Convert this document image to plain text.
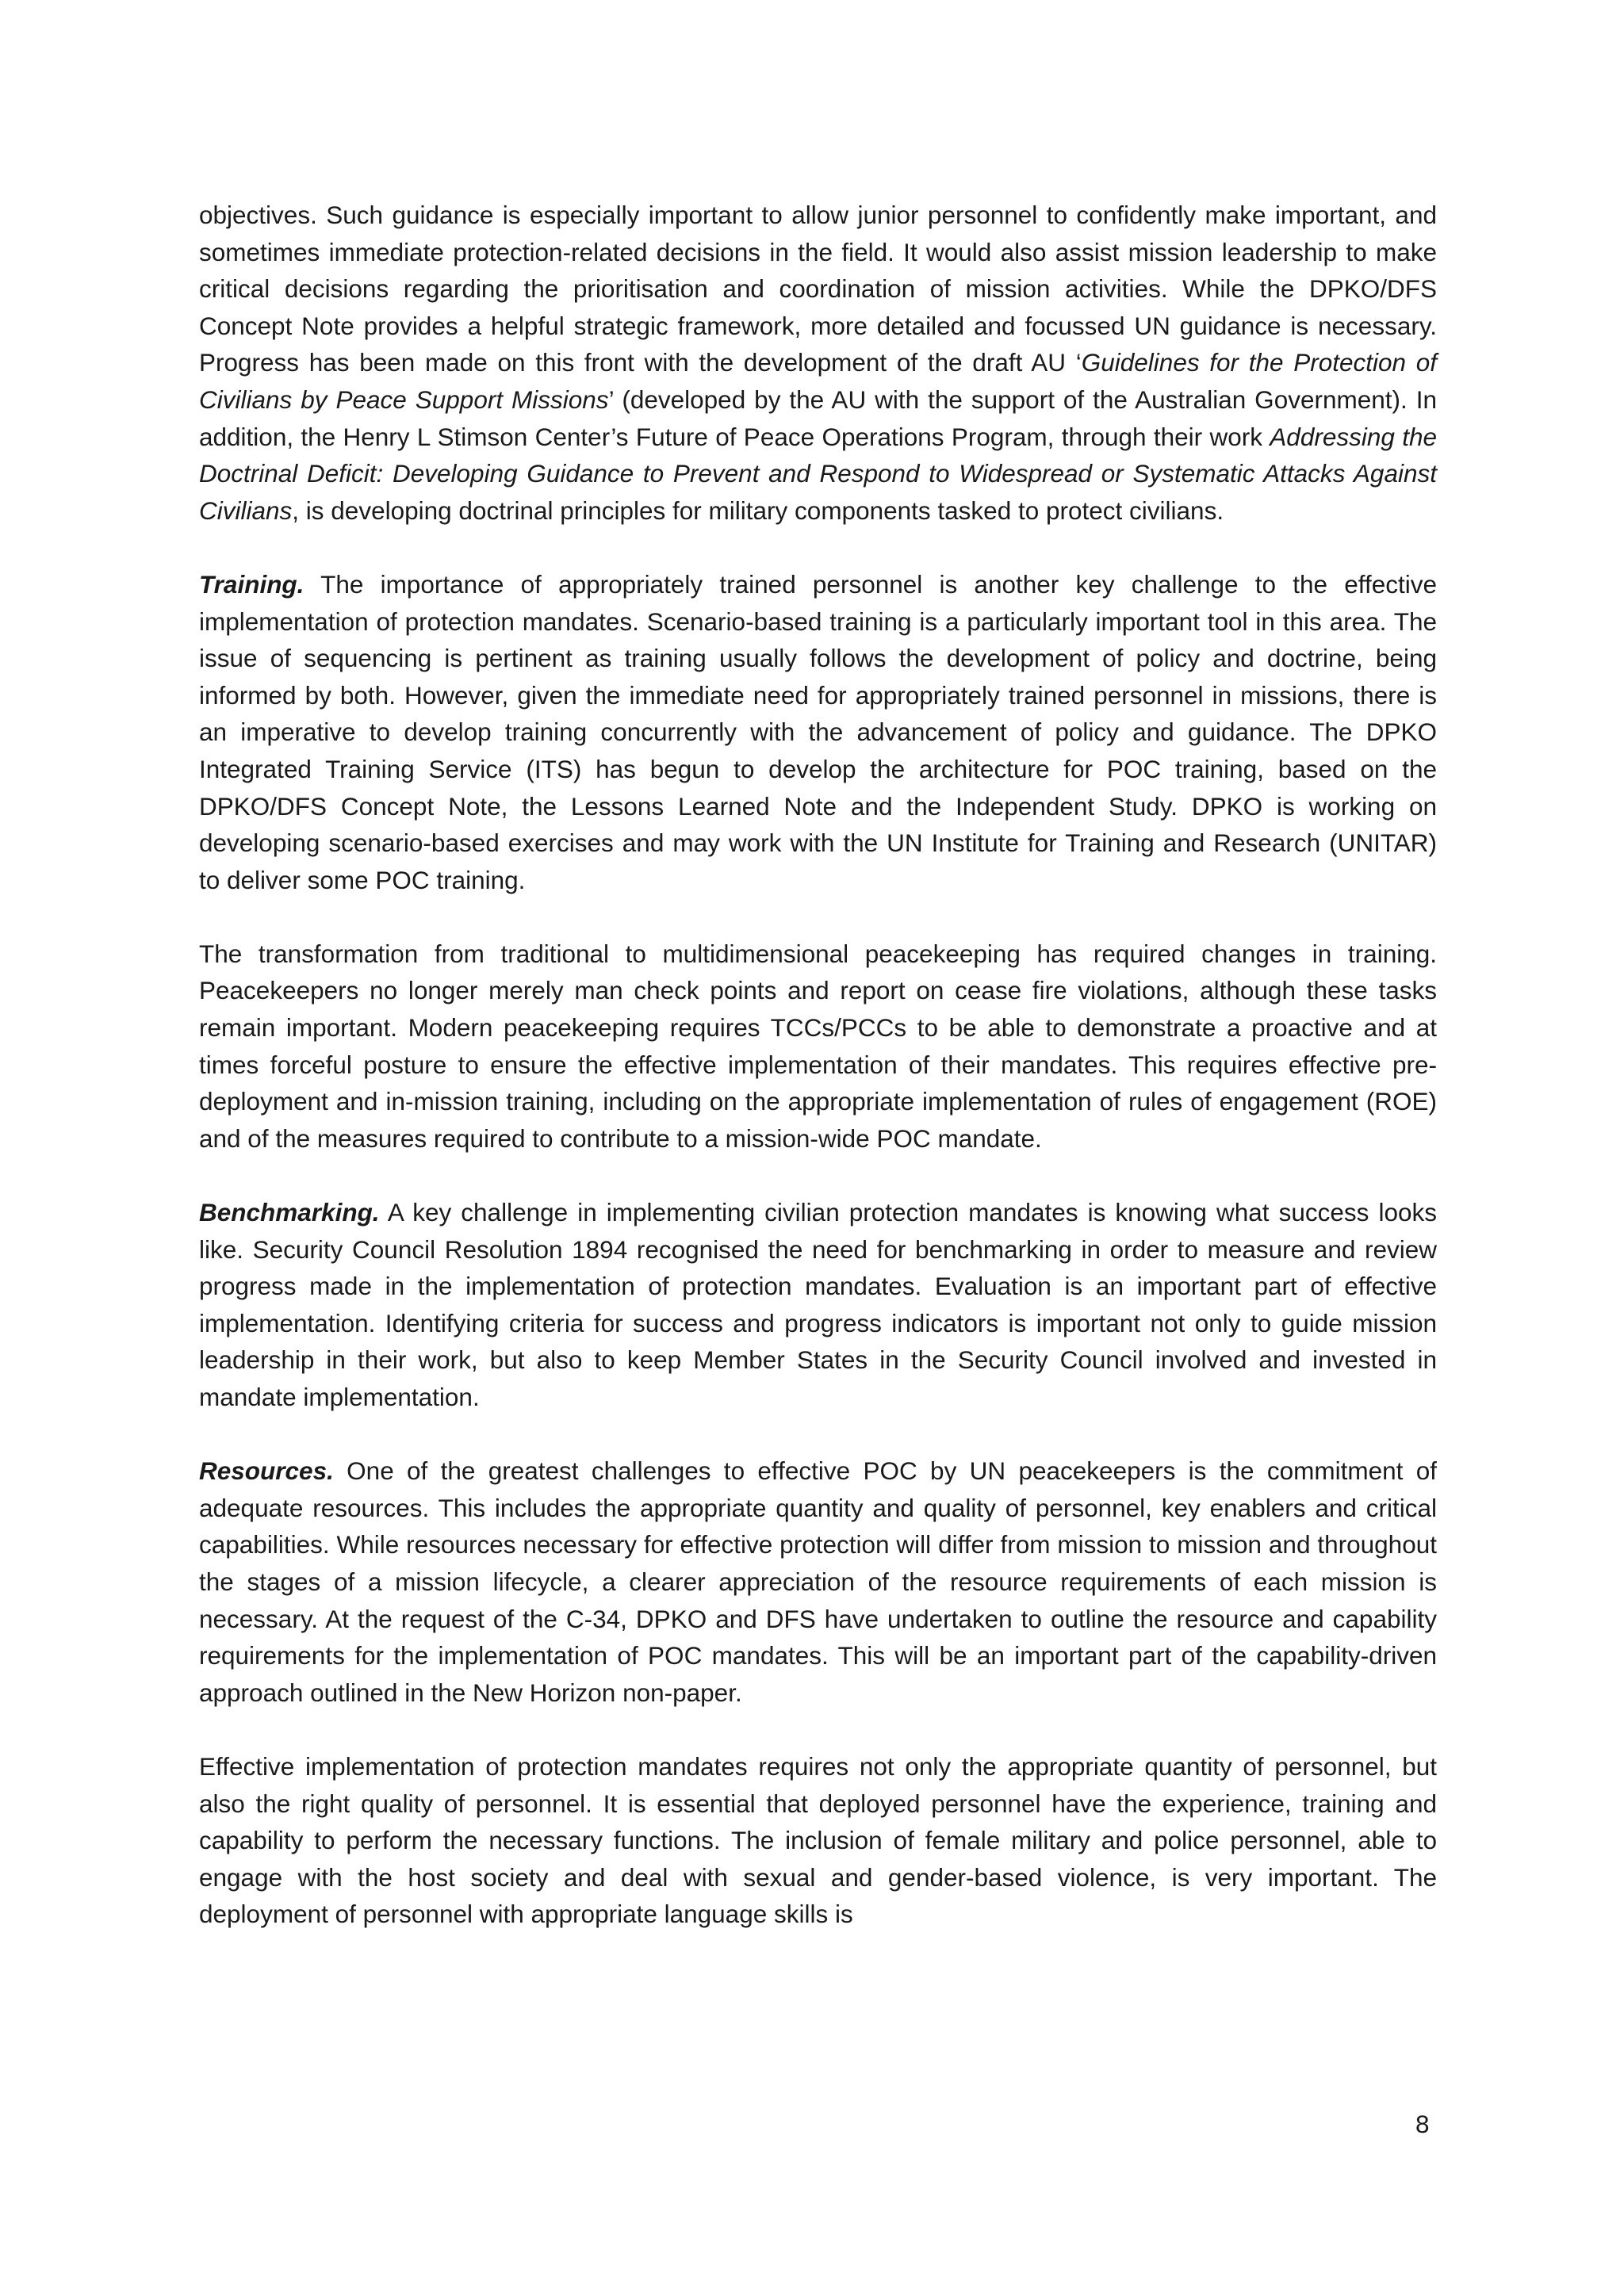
objectives. Such guidance is especially important to allow junior personnel to confidently make important, and sometimes immediate protection-related decisions in the field. It would also assist mission leadership to make critical decisions regarding the prioritisation and coordination of mission activities. While the DPKO/DFS Concept Note provides a helpful strategic framework, more detailed and focussed UN guidance is necessary. Progress has been made on this front with the development of the draft AU ‘Guidelines for the Protection of Civilians by Peace Support Missions’ (developed by the AU with the support of the Australian Government). In addition, the Henry L Stimson Center’s Future of Peace Operations Program, through their work Addressing the Doctrinal Deficit: Developing Guidance to Prevent and Respond to Widespread or Systematic Attacks Against Civilians, is developing doctrinal principles for military components tasked to protect civilians.

Training. The importance of appropriately trained personnel is another key challenge to the effective implementation of protection mandates. Scenario-based training is a particularly important tool in this area. The issue of sequencing is pertinent as training usually follows the development of policy and doctrine, being informed by both. However, given the immediate need for appropriately trained personnel in missions, there is an imperative to develop training concurrently with the advancement of policy and guidance. The DPKO Integrated Training Service (ITS) has begun to develop the architecture for POC training, based on the DPKO/DFS Concept Note, the Lessons Learned Note and the Independent Study. DPKO is working on developing scenario-based exercises and may work with the UN Institute for Training and Research (UNITAR) to deliver some POC training.

The transformation from traditional to multidimensional peacekeeping has required changes in training. Peacekeepers no longer merely man check points and report on cease fire violations, although these tasks remain important. Modern peacekeeping requires TCCs/PCCs to be able to demonstrate a proactive and at times forceful posture to ensure the effective implementation of their mandates. This requires effective pre-deployment and in-mission training, including on the appropriate implementation of rules of engagement (ROE) and of the measures required to contribute to a mission-wide POC mandate.

Benchmarking. A key challenge in implementing civilian protection mandates is knowing what success looks like. Security Council Resolution 1894 recognised the need for benchmarking in order to measure and review progress made in the implementation of protection mandates. Evaluation is an important part of effective implementation. Identifying criteria for success and progress indicators is important not only to guide mission leadership in their work, but also to keep Member States in the Security Council involved and invested in mandate implementation.

Resources. One of the greatest challenges to effective POC by UN peacekeepers is the commitment of adequate resources. This includes the appropriate quantity and quality of personnel, key enablers and critical capabilities. While resources necessary for effective protection will differ from mission to mission and throughout the stages of a mission lifecycle, a clearer appreciation of the resource requirements of each mission is necessary. At the request of the C-34, DPKO and DFS have undertaken to outline the resource and capability requirements for the implementation of POC mandates. This will be an important part of the capability-driven approach outlined in the New Horizon non-paper.

Effective implementation of protection mandates requires not only the appropriate quantity of personnel, but also the right quality of personnel. It is essential that deployed personnel have the experience, training and capability to perform the necessary functions. The inclusion of female military and police personnel, able to engage with the host society and deal with sexual and gender-based violence, is very important. The deployment of personnel with appropriate language skills is

8
